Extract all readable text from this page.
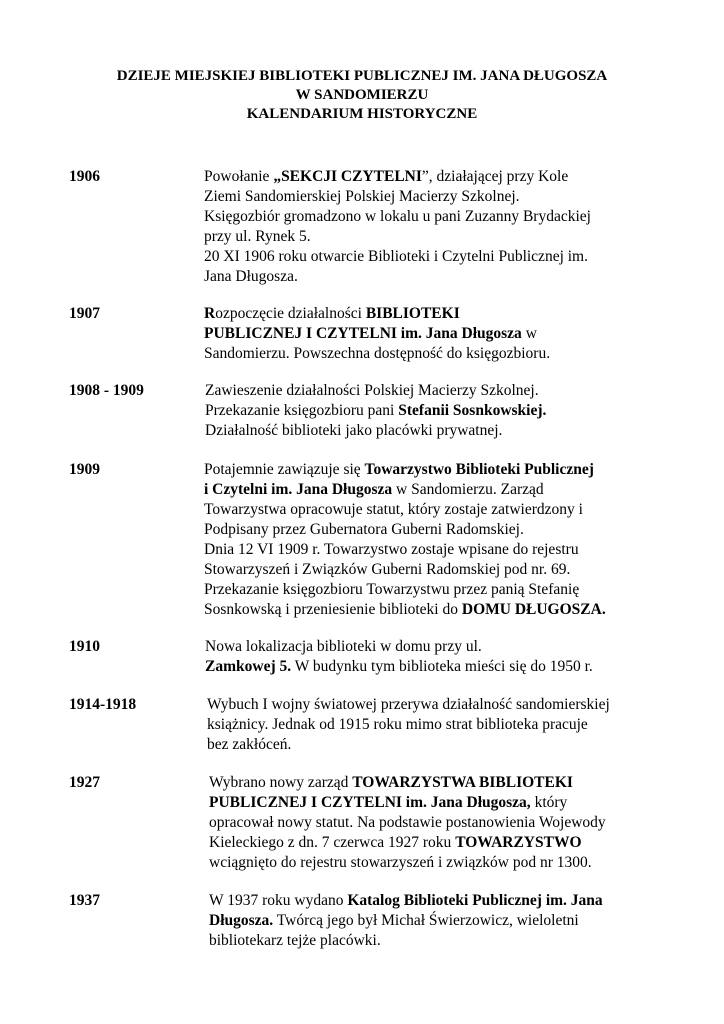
DZIEJE MIEJSKIEJ BIBLIOTEKI PUBLICZNEJ IM. JANA DŁUGOSZA
W SANDOMIERZU
KALENDARIUM HISTORYCZNE
1906	Powołanie „SEKCJI CZYTELNI”, działającej przy Kole
Ziemi Sandomierskiej Polskiej Macierzy Szkolnej.
Księgozbiór gromadzono w lokalu u pani Zuzanny Brydackiej
przy ul. Rynek 5.
20 XI 1906 roku otwarcie Biblioteki i Czytelni Publicznej im.
Jana Długosza.
1907	Rozpoczęcie działalności BIBLIOTEKI
PUBLICZNEJ I CZYTELNI im. Jana Długosza w
Sandomierzu. Powszechna dostępność do księgozbioru.
1908 - 1909	Zawieszenie działalności Polskiej Macierzy Szkolnej.
Przekazanie księgozbioru pani Stefanii Sosnkowskiej.
Działalność biblioteki jako placówki prywatnej.
1909	Potajemnie zawiązuje się Towarzystwo Biblioteki Publicznej
i Czytelni im. Jana Długosza w Sandomierzu. Zarząd
Towarzystwa opracowuje statut, który zostaje zatwierdzony i
Podpisany przez Gubernatora Guberni Radomskiej.
Dnia 12 VI 1909 r. Towarzystwo zostaje wpisane do rejestru
Stowarzyszeń i Związków Guberni Radomskiej pod nr. 69.
Przekazanie księgozbioru Towarzystwu przez panią Stefanię
Sosnkowską i przeniesienie biblioteki do DOMU DŁUGOSZA.
1910	Nowa lokalizacja biblioteki w domu przy ul.
Zamkowej 5. W budynku tym biblioteka mieści się do 1950 r.
1914-1918	Wybuch I wojny światowej przerywa działalność sandomierskiej
książnicy. Jednak od 1915 roku mimo strat biblioteka pracuje
bez zakłóceń.
1927	Wybrano nowy zarząd TOWARZYSTWA BIBLIOTEKI
PUBLICZNEJ I CZYTELNI im. Jana Długosza, który
opracował nowy statut. Na podstawie postanowienia Wojewody
Kieleckiego z dn. 7 czerwca 1927 roku TOWARZYSTWO
wciągnięto do rejestru stowarzyszeń i związków pod nr 1300.
1937	W 1937 roku wydano Katalog Biblioteki Publicznej im. Jana
Długosza. Twórcą jego był Michał Świerzowicz, wieloletni
bibliotekarz tejże placówki.
